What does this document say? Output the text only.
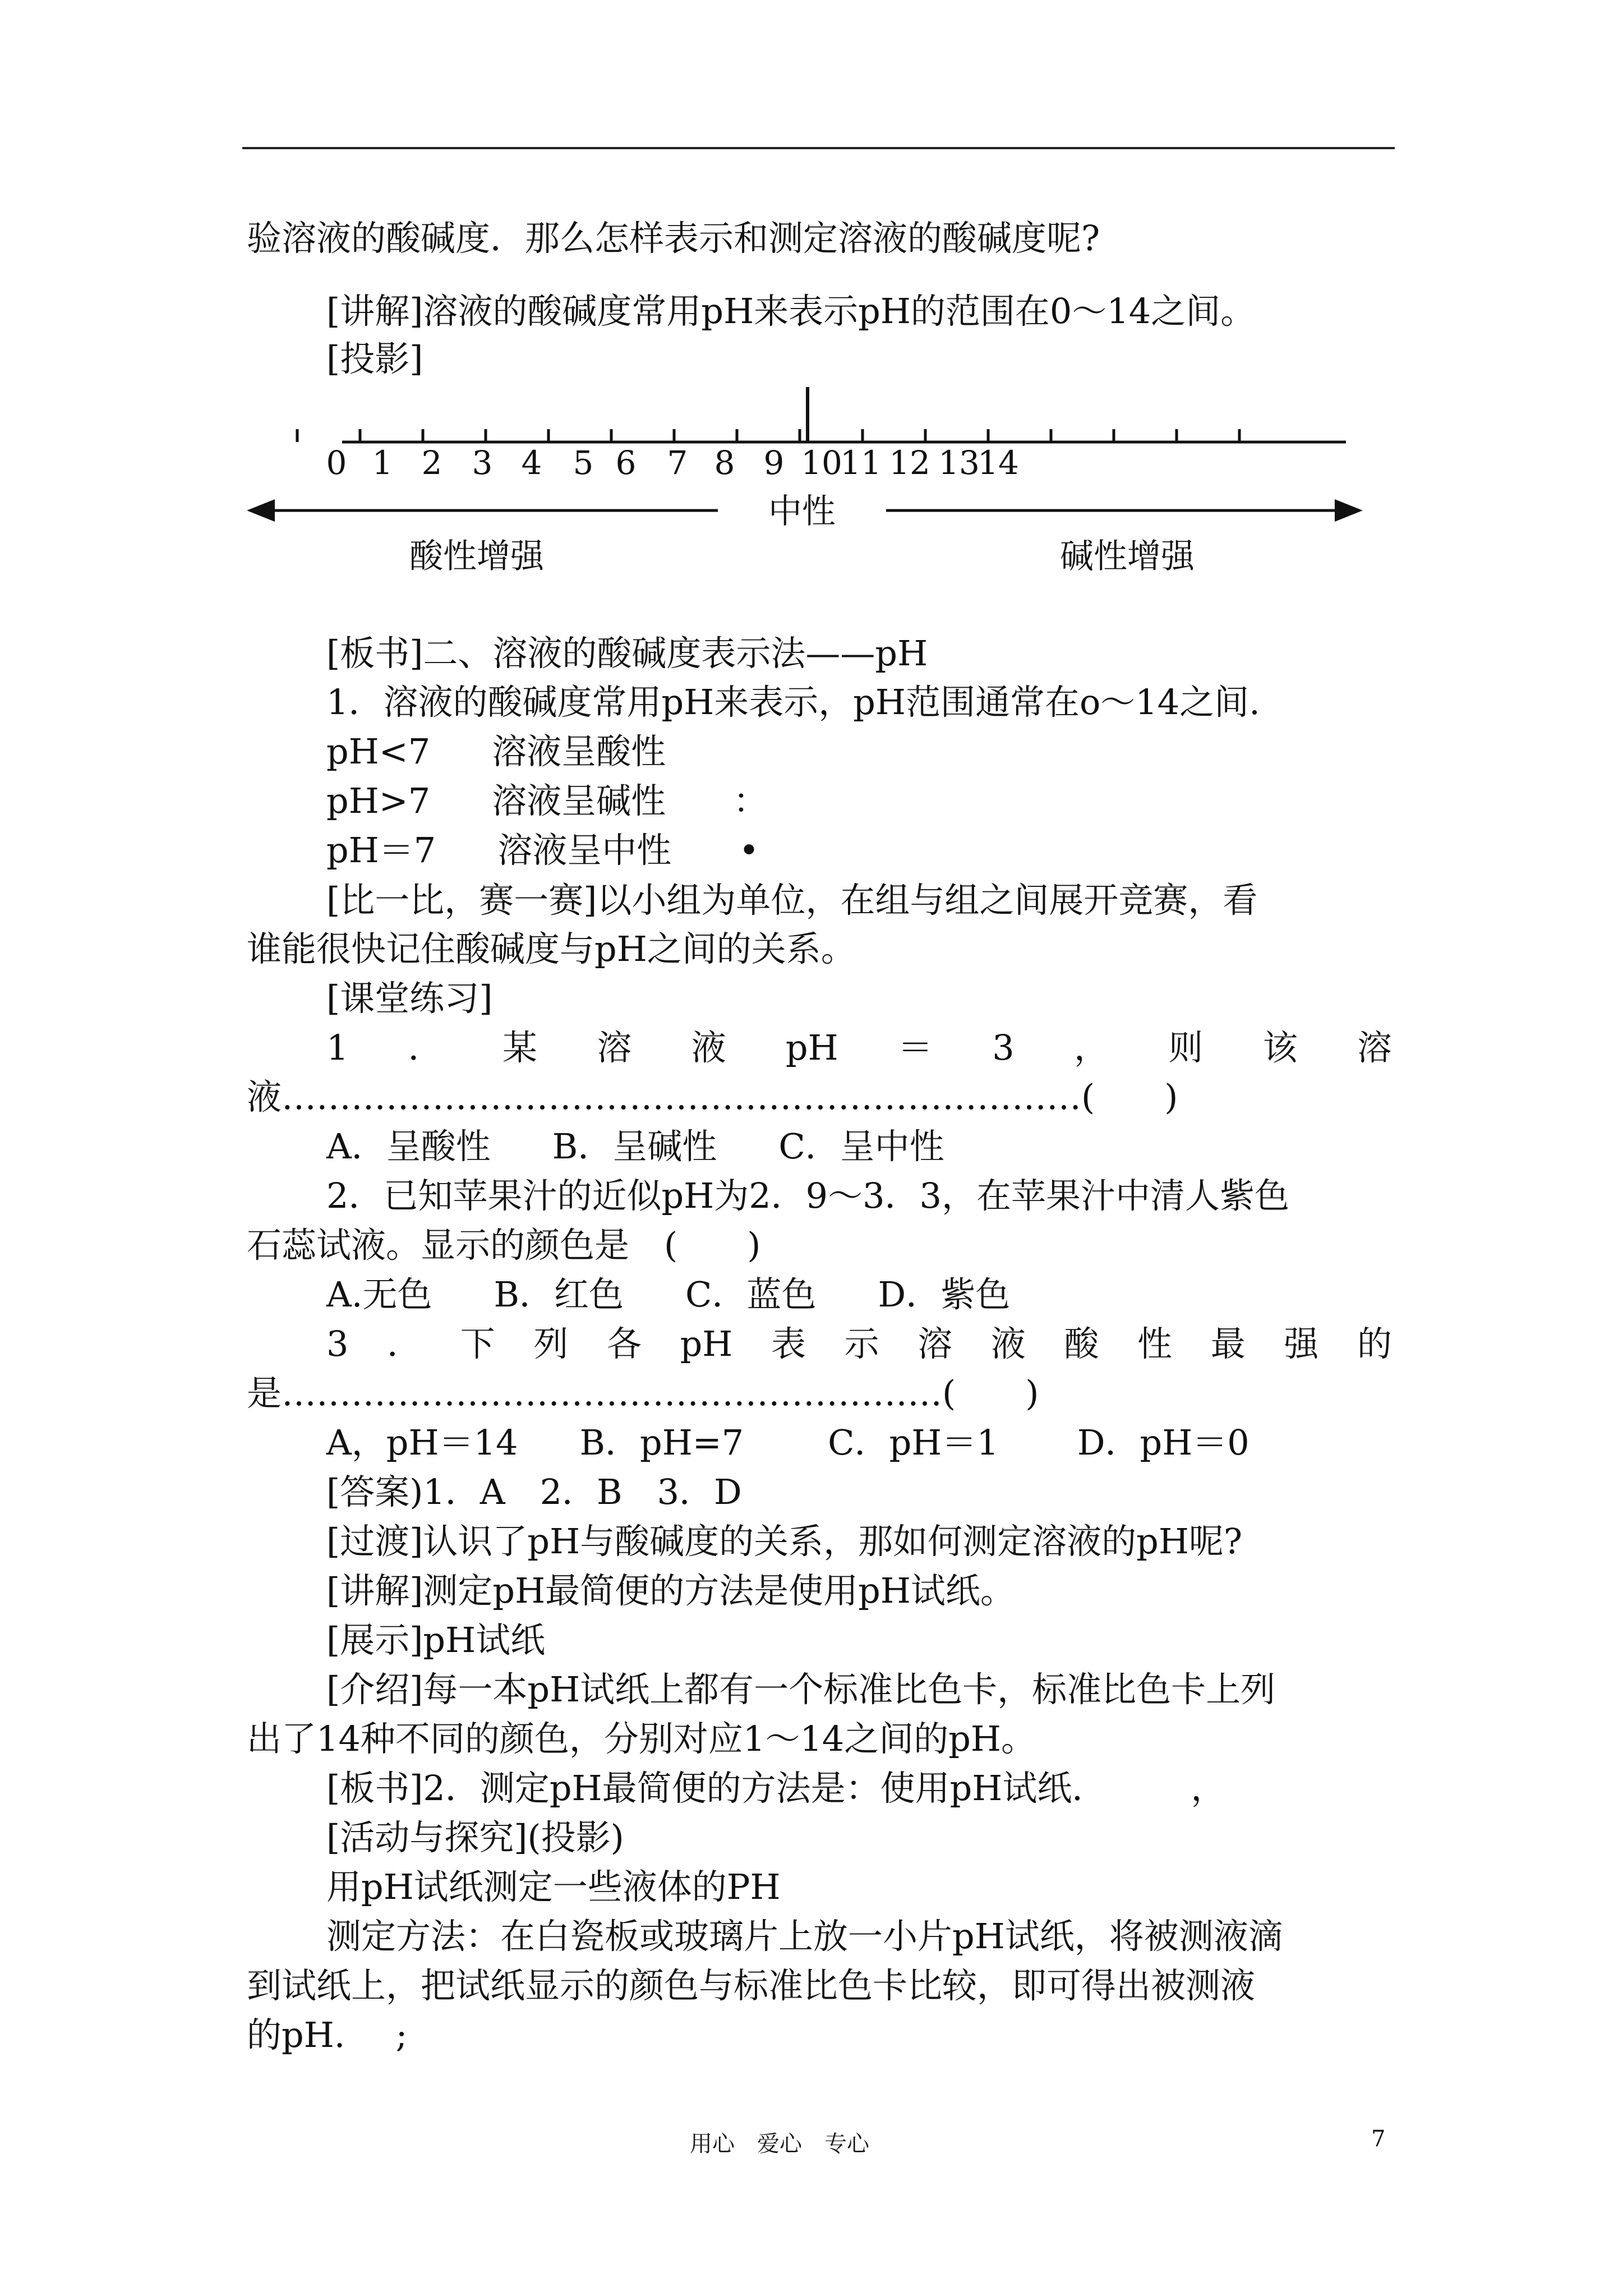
验溶液的酸碱度．那么怎样表示和测定溶液的酸碱度呢?
[讲解]溶液的酸碱度常用pH来表示pH的范围在0～14之间。
[投影]
0 1 2 3 4 5 6 7 8 9 10
11 12 13
14
中性
酸性增强	碱性增强
[板书]二、溶液的酸碱度表示法——pH
1．溶液的酸碱度常用pH来表示，pH范围通常在o～14之间.
pH<7 溶液呈酸性
pH>7 溶液呈碱性 ：
pH＝7 溶液呈中性 •
[比一比，赛一赛]以小组为单位，在组与组之间展开竞赛，看
谁能很快记住酸碱度与pH之间的关系。
[课堂练习]
1 ． 某 溶 液 pH ＝ 3 ， 则 该 溶
液……………………………………………………………(　　)
A．呈酸性 B．呈碱性 C．呈中性
2．已知苹果汁的近似pH为2．9～3．3，在苹果汁中清人紫色
石蕊试液。显示的颜色是　(　　)
A.无色 B．红色 C．蓝色 D．紫色
3 ． 下 列 各 pH 表 示 溶 液 酸 性 最 强 的
是…………………………………………………(　　)
A，pH＝14 B．pH=7 C．pH＝1 D．pH＝0
[答案)1．A　2．B　3．D
[过渡]认识了pH与酸碱度的关系，那如何测定溶液的pH呢?
[讲解]测定pH最简便的方法是使用pH试纸。
[展示]pH试纸
[介绍]每一本pH试纸上都有一个标准比色卡，标准比色卡上列
出了14种不同的颜色，分别对应1～14之间的pH。
[板书]2．测定pH最简便的方法是：使用pH试纸． ，
[活动与探究](投影)
用pH试纸测定一些液体的PH
测定方法：在白瓷板或玻璃片上放一小片pH试纸，将被测液滴
到试纸上，把试纸显示的颜色与标准比色卡比较，即可得出被测液
的pH. ;
用心　爱心　专心	7
